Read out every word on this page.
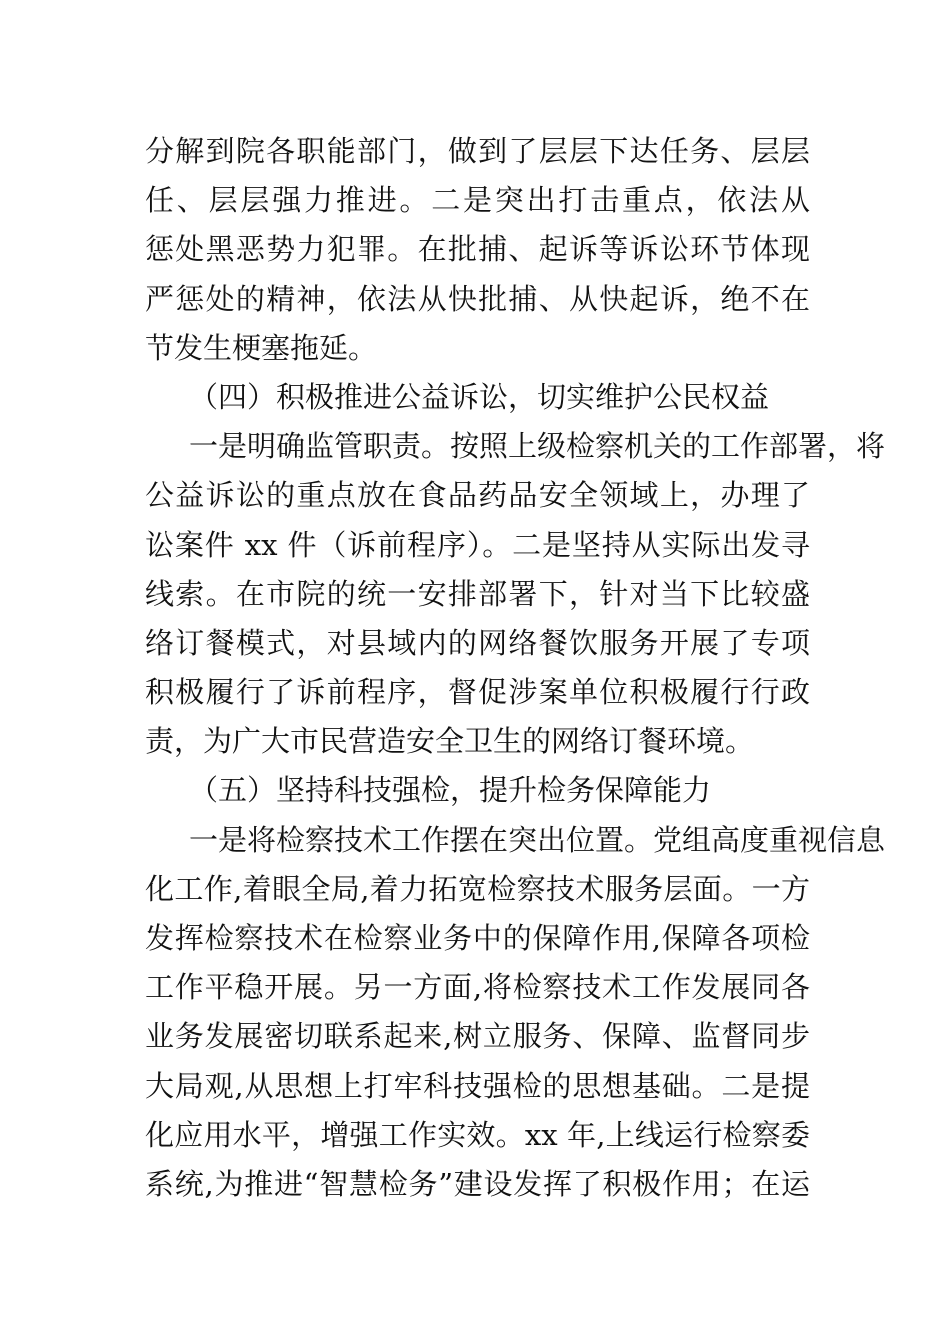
分解到院各职能部门，做到了层层下达任务、层层
任、层层强力推进。二是突出打击重点，依法从
惩处黑恶势力犯罪。在批捕、起诉等诉讼环节体现
严惩处的精神，依法从快批捕、从快起诉，绝不在
节发生梗塞拖延。
（四）积极推进公益诉讼，切实维护公民权益
一是明确监管职责。按照上级检察机关的工作部署，将
公益诉讼的重点放在食品药品安全领域上，办理了
讼案件 xx 件（诉前程序）。二是坚持从实际出发寻
线索。在市院的统一安排部署下，针对当下比较盛
络订餐模式，对县域内的网络餐饮服务开展了专项
积极履行了诉前程序，督促涉案单位积极履行行政
责，为广大市民营造安全卫生的网络订餐环境。
（五）坚持科技强检，提升检务保障能力
一是将检察技术工作摆在突出位置。党组高度重视信息
化工作,着眼全局,着力拓宽检察技术服务层面。一方
发挥检察技术在检察业务中的保障作用,保障各项检
工作平稳开展。另一方面,将检察技术工作发展同各
业务发展密切联系起来,树立服务、保障、监督同步
大局观,从思想上打牢科技强检的思想基础。二是提
化应用水平，增强工作实效。xx 年,上线运行检察委
系统,为推进“智慧检务”建设发挥了积极作用；在运
